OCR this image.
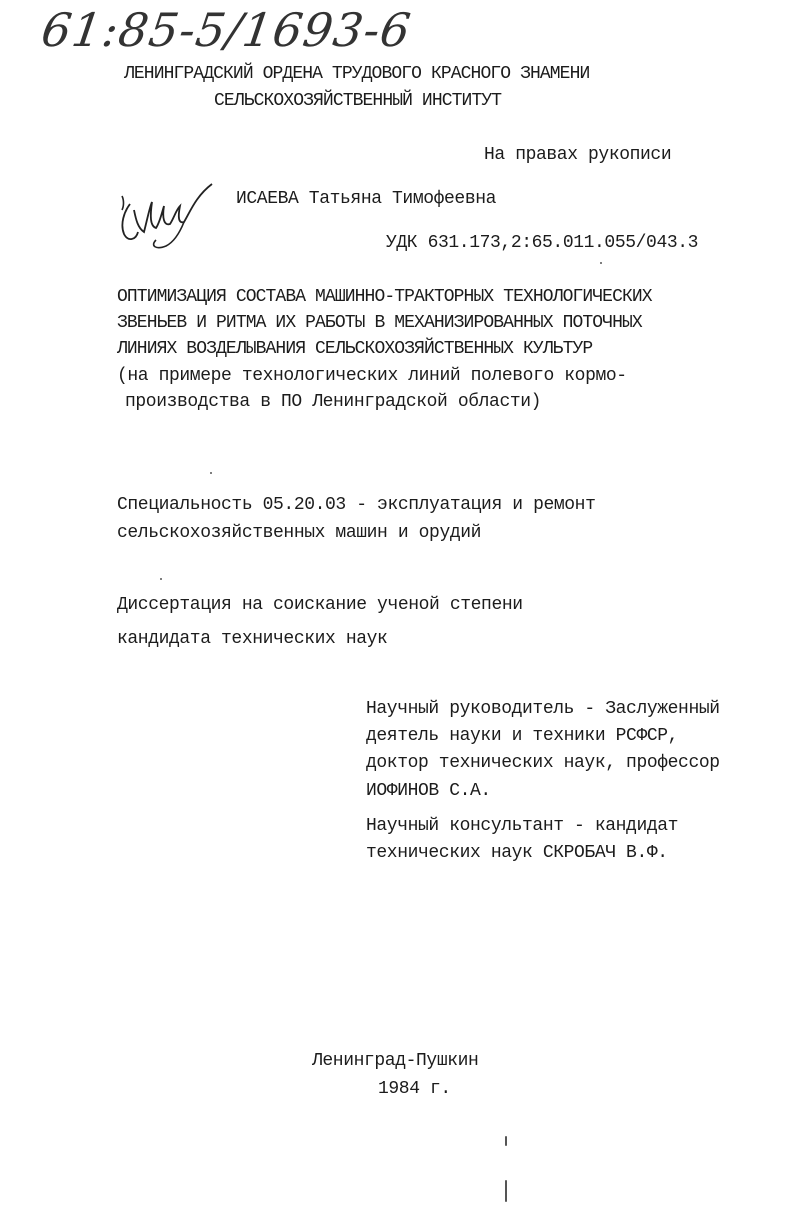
61:85-5/1693-6
ЛЕНИНГРАДСКИЙ ОРДЕНА ТРУДОВОГО КРАСНОГО ЗНАМЕНИ
СЕЛЬСКОХОЗЯЙСТВЕННЫЙ ИНСТИТУТ
На правах рукописи
ИСАЕВА Татьяна Тимофеевна
УДК 631.173,2:65.011.055/043.3
ОПТИМИЗАЦИЯ СОСТАВА МАШИННО-ТРАКТОРНЫХ ТЕХНОЛОГИЧЕСКИХ
ЗВЕНЬЕВ И РИТМА ИХ РАБОТЫ В МЕХАНИЗИРОВАННЫХ ПОТОЧНЫХ
ЛИНИЯХ ВОЗДЕЛЫВАНИЯ СЕЛЬСКОХОЗЯЙСТВЕННЫХ КУЛЬТУР
(на примере технологических линий полевого кормо-
производства в ПО Ленинградской области)
Специальность 05.20.03 - эксплуатация и ремонт
сельскохозяйственных машин и орудий
Диссертация на соискание ученой степени
кандидата технических наук
Научный руководитель - Заслуженный
деятель науки и техники РСФСР,
доктор технических наук, профессор
ИОФИНОВ С.А.
Научный консультант - кандидат
технических наук СКРОБАЧ В.Ф.
Ленинград-Пушкин
1984 г.
